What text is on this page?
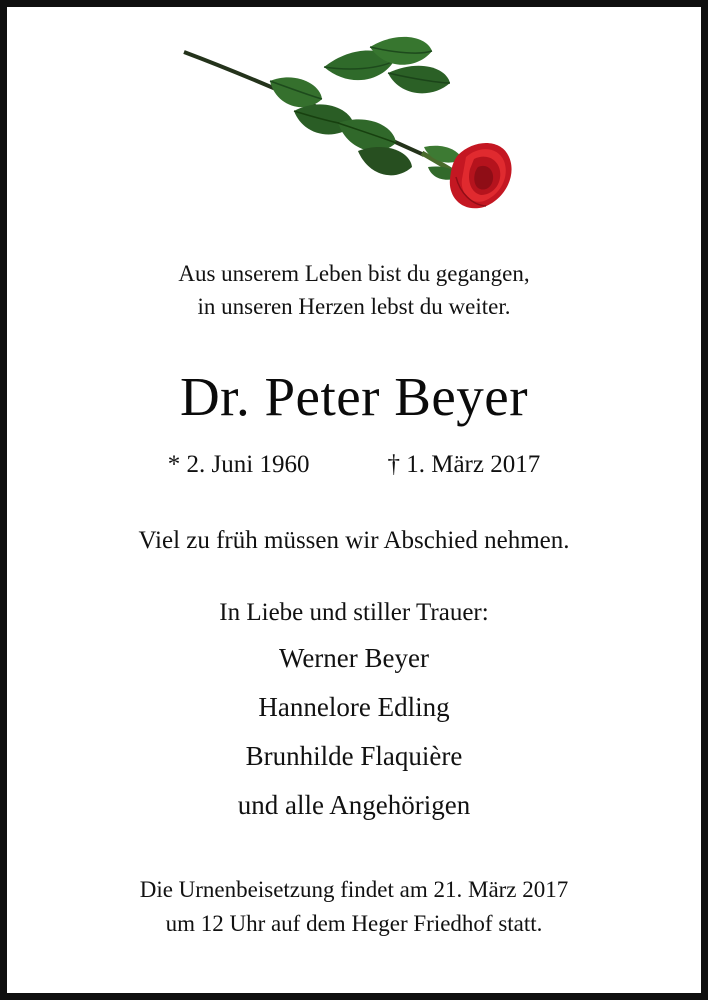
Aus unserem Leben bist du gegangen,
in unseren Herzen lebst du weiter.
Dr. Peter Beyer
* 2. Juni 1960	† 1. März 2017
Viel zu früh müssen wir Abschied nehmen.
In Liebe und stiller Trauer:
Werner Beyer
Hannelore Edling
Brunhilde Flaquière
und alle Angehörigen
Die Urnenbeisetzung findet am 21. März 2017
um 12 Uhr auf dem Heger Friedhof statt.
